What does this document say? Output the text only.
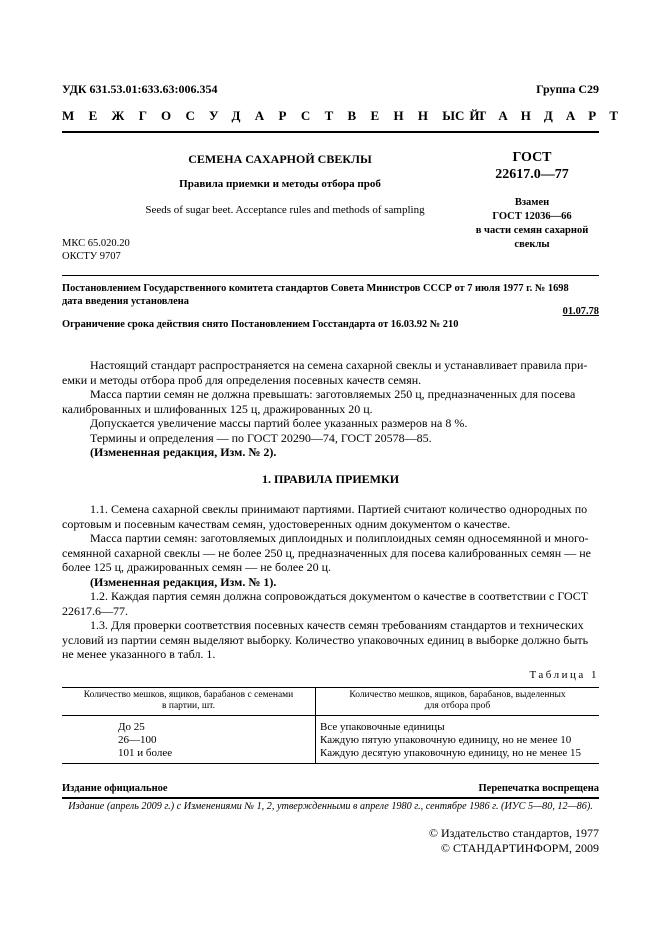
УДК 631.53.01:633.63:006.354	Группа С29
МЕЖГОСУДАРСТВЕННЫЙ
СТАНДАРТ
СЕМЕНА САХАРНОЙ СВЕКЛЫ
Правила приемки и методы отбора проб
Seeds of sugar beet. Acceptance rules and methods of sampling
МКС 65.020.20
ОКСТУ 9707
ГОСТ
22617.0—77
Взамен
ГОСТ 12036—66
в части семян сахарной
свеклы
Постановлением Государственного комитета стандартов Совета Министров СССР от 7 июля 1977 г. № 1698
дата введения установлена
01.07.78
Ограничение срока действия снято Постановлением Госстандарта от 16.03.92 № 210
Настоящий стандарт распространяется на семена сахарной свеклы и устанавливает правила при-
емки и методы отбора проб для определения посевных качеств семян.
Масса партии семян не должна превышать: заготовляемых 250 ц, предназначенных для посева
калиброванных и шлифованных 125 ц, дражированных 20 ц.
Допускается увеличение массы партий более указанных размеров на 8 %.
Термины и определения — по ГОСТ 20290—74, ГОСТ 20578—85.
(Измененная редакция, Изм. № 2).
1. ПРАВИЛА ПРИЕМКИ
1.1. Семена сахарной свеклы принимают партиями. Партией считают количество однородных по
сортовым и посевным качествам семян, удостоверенных одним документом о качестве.
Масса партии семян: заготовляемых диплоидных и полиплоидных семян односемянной и много-
семянной сахарной свеклы — не более 250 ц, предназначенных для посева калиброванных семян — не
более 125 ц, дражированных семян — не более 20 ц.
(Измененная редакция, Изм. № 1).
1.2. Каждая партия семян должна сопровождаться документом о качестве в соответствии с ГОСТ
22617.6—77.
1.3. Для проверки соответствия посевных качеств семян требованиям стандартов и технических
условий из партии семян выделяют выборку. Количество упаковочных единиц в выборке должно быть
не менее указанного в табл. 1.
Таблица 1
Количество мешков, ящиков, барабанов с семенами
в партии, шт.
Количество мешков, ящиков, барабанов, выделенных
для отбора проб
До 25
26—100
101 и более
Все упаковочные единицы
Каждую пятую упаковочную единицу, но не менее 10
Каждую десятую упаковочную единицу, но не менее 15
Издание официальное	Перепечатка воспрещена
Издание (апрель 2009 г.) с Изменениями № 1, 2, утвержденными в апреле 1980 г., сентябре 1986 г. (ИУС 5—80, 12—86).
© Издательство стандартов, 1977
© СТАНДАРТИНФОРМ, 2009
